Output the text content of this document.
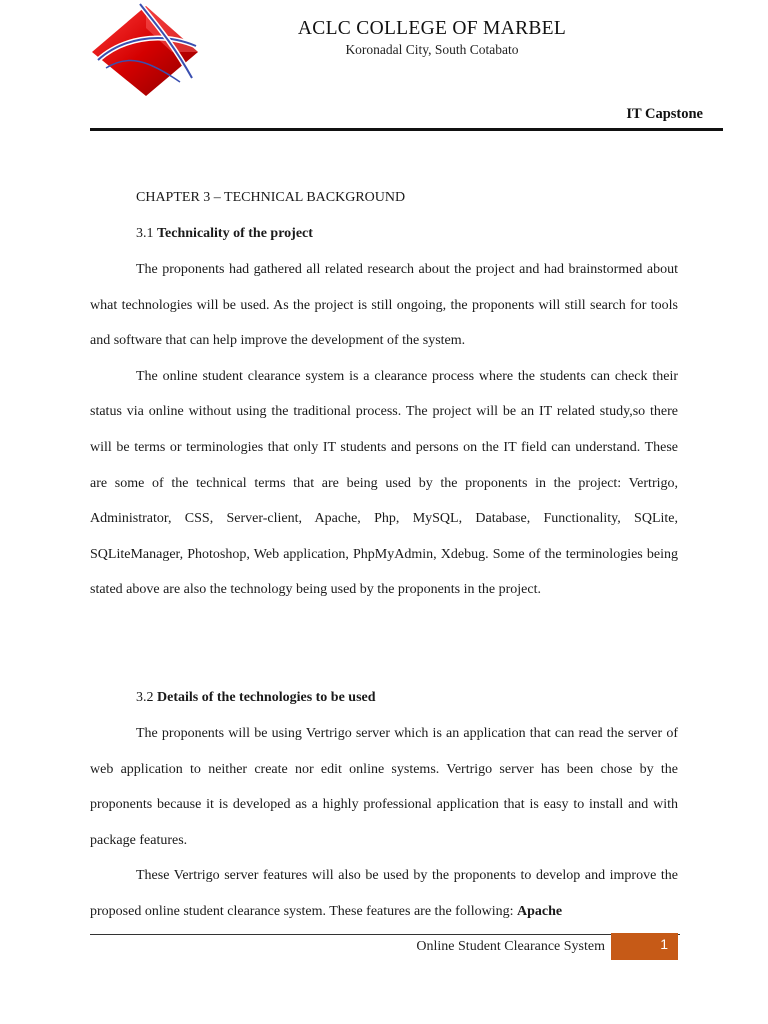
ACLC COLLEGE OF MARBEL
Koronadal City, South Cotabato
IT Capstone
CHAPTER 3 – TECHNICAL BACKGROUND
3.1 Technicality of the project

The proponents had gathered all related research about the project and had brainstormed about what technologies will be used. As the project is still ongoing, the proponents will still search for tools and software that can help improve the development of the system.

The online student clearance system is a clearance process where the students can check their status via online without using the traditional process. The project will be an IT related study,so there will be terms or terminologies that only IT students and persons on the IT field can understand. These are some of the technical terms that are being used by the proponents in the project: Vertrigo, Administrator, CSS, Server-client, Apache, Php, MySQL, Database, Functionality, SQLite, SQLiteManager, Photoshop, Web application, PhpMyAdmin, Xdebug. Some of the terminologies being stated above are also the technology being used by the proponents in the project.

3.2 Details of the technologies to be used

The proponents will be using Vertrigo server which is an application that can read the server of web application to neither create nor edit online systems. Vertrigo server has been chose by the proponents because it is developed as a highly professional application that is easy to install and with package features.

These Vertrigo server features will also be used by the proponents to develop and improve the proposed online student clearance system. These features are the following: Apache

Online Student Clearance System	1
